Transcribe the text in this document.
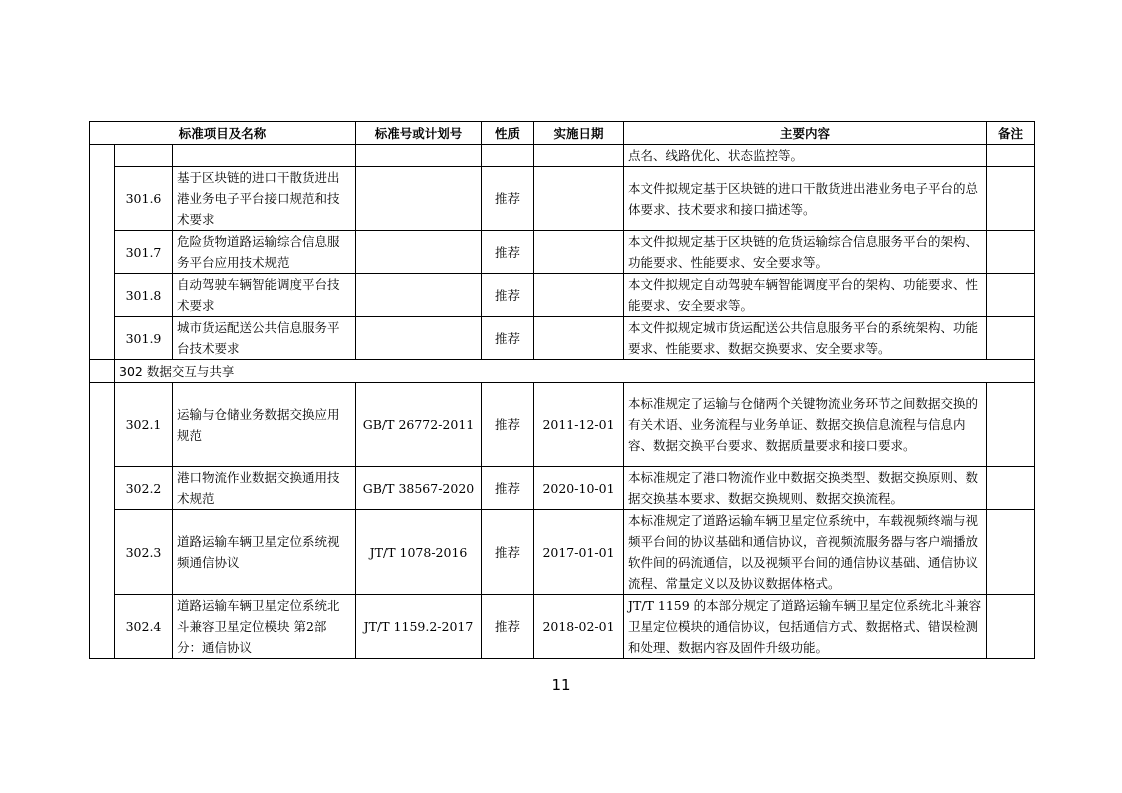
标准项目及名称			标准号或计划号	性质	实施日期	主要内容	备注
						点名、线路优化、状态监控等。	
	301.6	基于区块链的进口干散货进出港业务电子平台接口规范和技术要求		推荐		本文件拟规定基于区块链的进口干散货进出港业务电子平台的总体要求、技术要求和接口描述等。	
	301.7	危险货物道路运输综合信息服务平台应用技术规范		推荐		本文件拟规定基于区块链的危货运输综合信息服务平台的架构、功能要求、性能要求、安全要求等。	
	301.8	自动驾驶车辆智能调度平台技术要求		推荐		本文件拟规定自动驾驶车辆智能调度平台的架构、功能要求、性能要求、安全要求等。	
	301.9	城市货运配送公共信息服务平台技术要求		推荐		本文件拟规定城市货运配送公共信息服务平台的系统架构、功能要求、性能要求、数据交换要求、安全要求等。	
	302 数据交互与共享						
	302.1	运输与仓储业务数据交换应用规范	GB/T 26772-2011	推荐	2011-12-01	本标准规定了运输与仓储两个关键物流业务环节之间数据交换的有关术语、业务流程与业务单证、数据交换信息流程与信息内容、数据交换平台要求、数据质量要求和接口要求。	
	302.2	港口物流作业数据交换通用技术规范	GB/T 38567-2020	推荐	2020-10-01	本标准规定了港口物流作业中数据交换类型、数据交换原则、数据交换基本要求、数据交换规则、数据交换流程。	
	302.3	道路运输车辆卫星定位系统视频通信协议	JT/T 1078-2016	推荐	2017-01-01	本标准规定了道路运输车辆卫星定位系统中，车载视频终端与视频平台间的协议基础和通信协议，音视频流服务器与客户端播放软件间的码流通信，以及视频平台间的通信协议基础、通信协议流程、常量定义以及协议数据体格式。	
	302.4	道路运输车辆卫星定位系统北斗兼容卫星定位模块 第2部分：通信协议	JT/T 1159.2-2017	推荐	2018-02-01	JT/T 1159 的本部分规定了道路运输车辆卫星定位系统北斗兼容卫星定位模块的通信协议，包括通信方式、数据格式、错误检测和处理、数据内容及固件升级功能。	
11
